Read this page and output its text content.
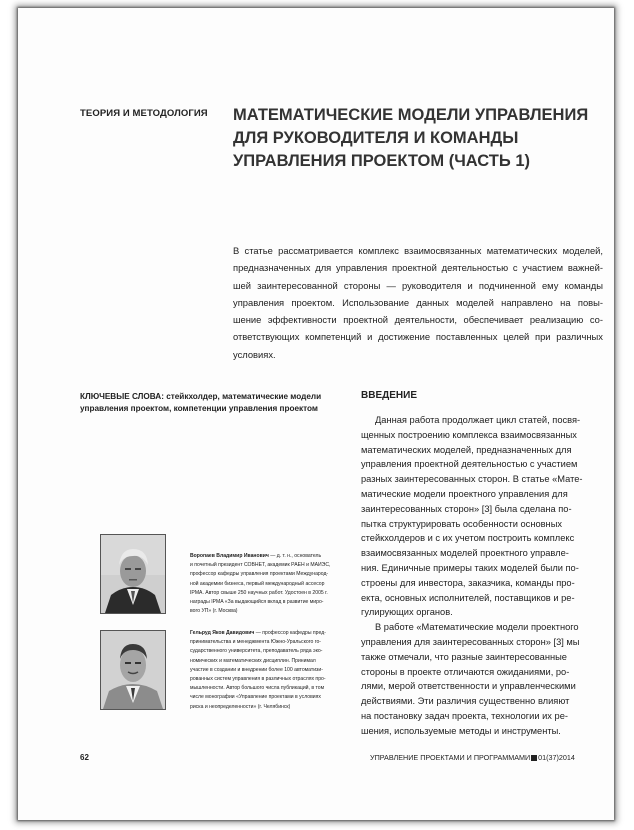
ТЕОРИЯ И МЕТОДОЛОГИЯ МАТЕМАТИЧЕСКИЕ МОДЕЛИ УПРАВЛЕНИЯ
ДЛЯ РУКОВОДИТЕЛЯ И КОМАНДЫ
УПРАВЛЕНИЯ ПРОЕКТОМ (ЧАСТЬ 1)
В статье рассматривается комплекс взаимосвязанных математических моделей,
предназначенных для управления проектной деятельностью с участием важней-
шей заинтересованной стороны — руководителя и подчиненной ему команды
управления проектом. Использование данных моделей направлено на повы-
шение эффективности проектной деятельности, обеспечивает реализацию со-
ответствующих компетенций и достижение поставленных целей при различных
условиях.
КЛЮЧЕВЫЕ СЛОВА: стейкхолдер, математические модели
управления проектом, компетенции управления проектом
ВВЕДЕНИЕ
Данная работа продолжает цикл статей, посвя-
щенных построению комплекса взаимосвязанных
математических моделей, предназначенных для
управления проектной деятельностью с участием
разных заинтересованных сторон. В статье «Мате-
матические модели проектного управления для
заинтересованных сторон» [3] была сделана по-
пытка структурировать особенности основных
стейкхолдеров и с их учетом построить комплекс
взаимосвязанных моделей проектного управле-
ния. Единичные примеры таких моделей были по-
строены для инвестора, заказчика, команды про-
екта, основных исполнителей, поставщиков и ре-
гулирующих органов.
В работе «Математические модели проектного
управления для заинтересованных сторон» [3] мы
также отмечали, что разные заинтересованные
стороны в проекте отличаются ожиданиями, ро-
лями, мерой ответственности и управленческими
действиями. Эти различия существенно влияют
на постановку задач проекта, технологии их ре-
шения, используемые методы и инструменты.
Воропаев Владимир Иванович — д. т. н., основатель
и почетный президент СОВНЕТ, академик РАЕН и МАИЭС,
профессор кафедры управления проектами Международ-
ной академии бизнеса, первый международный ассесор
IPMA. Автор свыше 250 научных работ. Удостоен в 2005 г.
награды IPMA «За выдающийся вклад в развитие миро-
вого УП» (г. Москва)
Гельруд Яков Давидович — профессор кафедры пред-
принимательства и менеджмента Южно-Уральского го-
сударственного университета, преподаватель ряда эко-
номических и математических дисциплин. Принимал
участие в создании и внедрении более 100 автоматизи-
рованных систем управления в различных отраслях про-
мышленности. Автор большого числа публикаций, в том
числе монографии «Управление проектами в условиях
риска и неопределенности» (г. Челябинск)
62	УПРАВЛЕНИЕ ПРОЕКТАМИ И ПРОГРАММАМИ 01(37)2014
